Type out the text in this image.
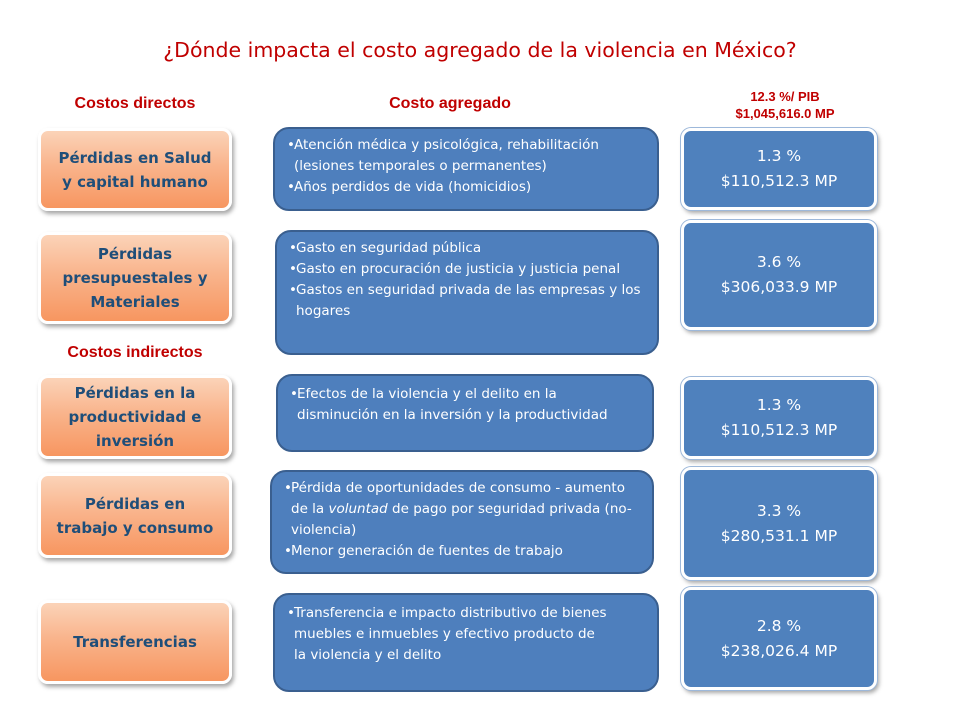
¿Dónde impacta el costo agregado de la violencia en México?
Costos directos	Costo agregado
Costos indirectos
12.3 %/ PIB
$1,045,616.0 MP
Pérdidas en Salud
y capital humano
Pérdidas
presupuestales y
Materiales
Pérdidas en la
productividad e
inversión
Pérdidas en
trabajo y consumo
Transferencias
• Atención médica y psicológica, rehabilitación (lesiones temporales o permanentes)
• Años perdidos de vida (homicidios)
• Gasto en seguridad pública
• Gasto en procuración de justicia y justicia penal
• Gastos en seguridad privada de las empresas y los hogares
• Efectos de la violencia y el delito en la disminución en la inversión y la productividad
• Pérdida de oportunidades de consumo - aumento de la voluntad de pago por seguridad privada (no-violencia)
• Menor generación de fuentes de trabajo
• Transferencia e impacto distributivo de bienes muebles e inmuebles y efectivo producto de la violencia y el delito
1.3 %
$110,512.3 MP
3.6 %
$306,033.9 MP
1.3 %
$110,512.3 MP
3.3 %
$280,531.1 MP
2.8 %
$238,026.4 MP
